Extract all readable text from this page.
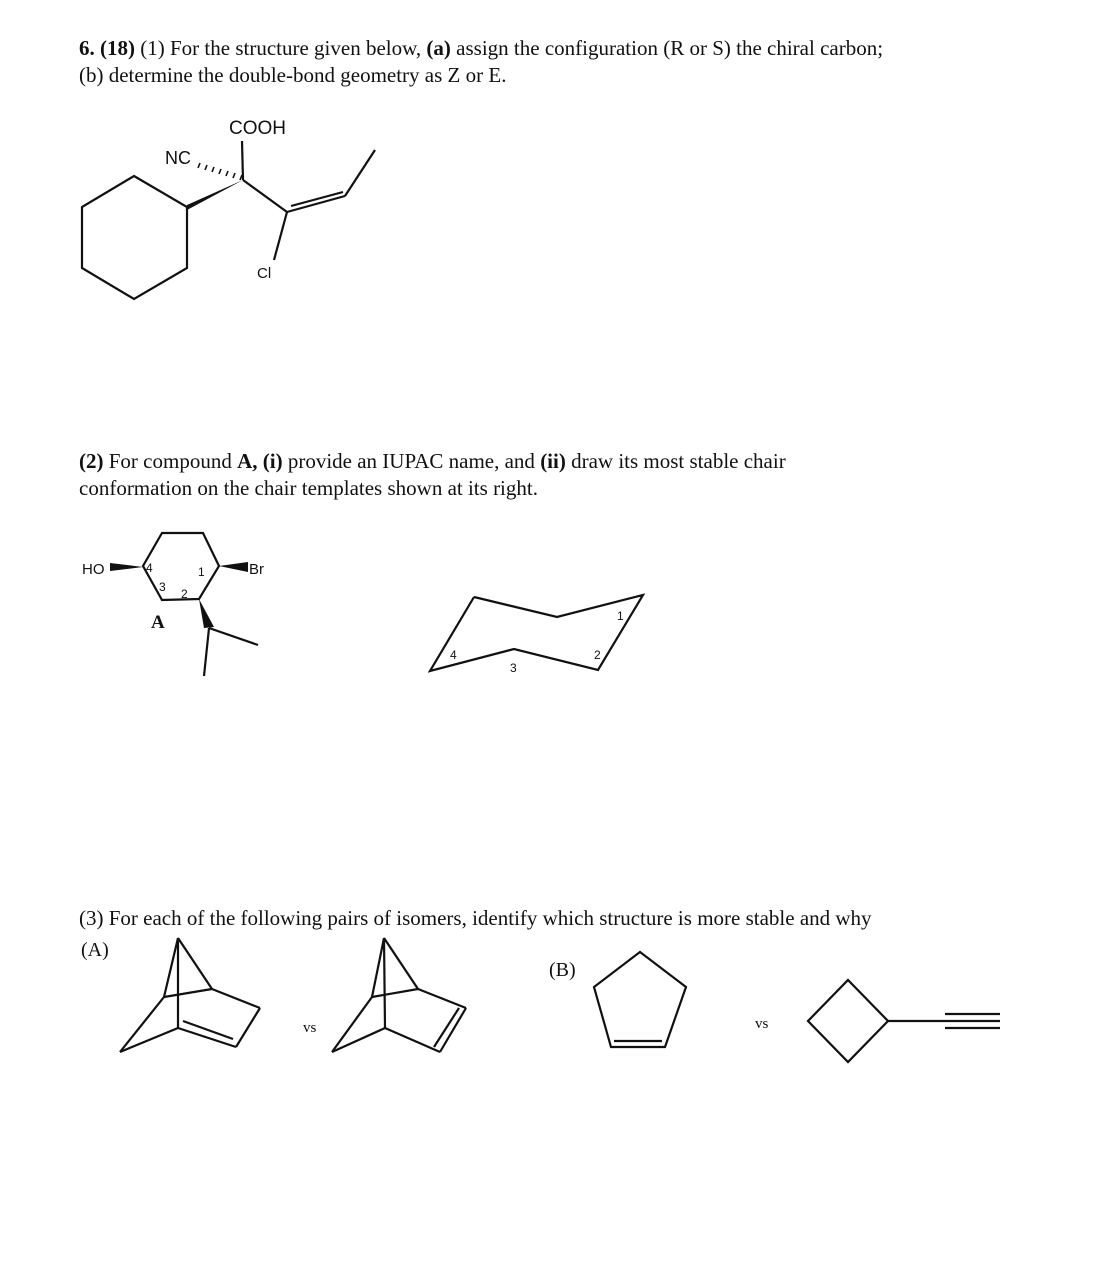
6. (18) (1) For the structure given below, (a) assign the configuration (R or S) the chiral carbon;
(b) determine the double-bond geometry as Z or E.
(2) For compound A, (i) provide an IUPAC name, and (ii) draw its most stable chair
conformation on the chair templates shown at its right.
(3) For each of the following pairs of isomers, identify which structure is more stable and why
COOH
NC
Cl
HO	Br
4	1
3 2
A
4
3
2
1
(A)
(B)
vs	vs
